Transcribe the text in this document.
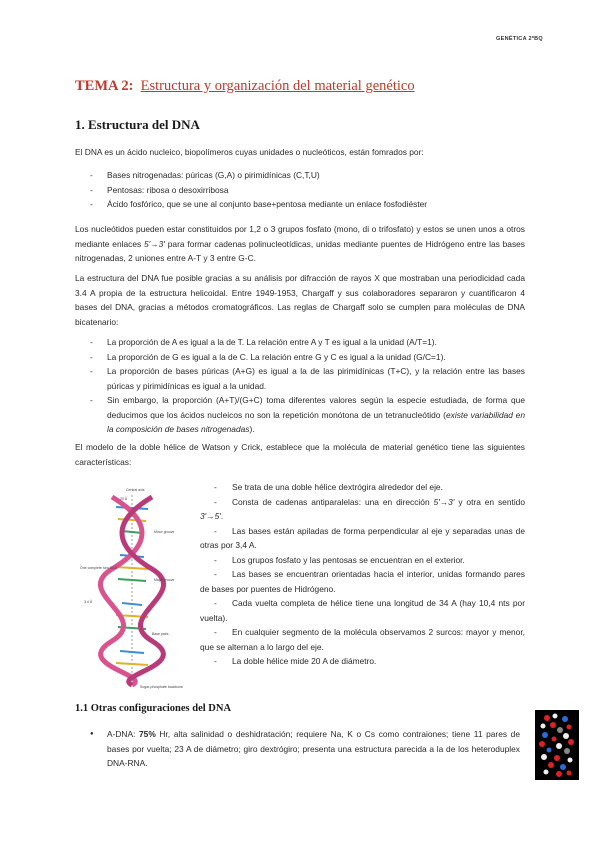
GENÉTICA 2ºBQ
TEMA 2: Estructura y organización del material genético
1. Estructura del DNA
El DNA es un ácido nucleico, biopolímeros cuyas unidades o nucleóticos, están fomrados por:
- Bases nitrogenadas: púricas (G,A) o pirimidínicas (C,T,U)
- Pentosas: ribosa o desoxirribosa
- Ácido fosfórico, que se une al conjunto base+pentosa mediante un enlace fosfodiéster
Los nucleótidos pueden estar constituidos por 1,2 o 3 grupos fosfato (mono, di o trifosfato) y estos se unen unos a otros mediante enlaces 5'→3' para formar cadenas polinucleotídicas, unidas mediante puentes de Hidrógeno entre las bases nitrogenadas, 2 uniones entre A-T y 3 entre G-C.
La estructura del DNA fue posible gracias a su análisis por difracción de rayos X que mostraban una periodicidad cada 3.4 A propia de la estructura helicoidal. Entre 1949-1953, Chargaff y sus colaboradores separaron y cuantificaron 4 bases del DNA, gracias a métodos cromatográficos. Las reglas de Chargaff solo se cumplen para moléculas de DNA bicatenario:
- La proporción de A es igual a la de T. La relación entre A y T es igual a la unidad (A/T=1).
- La proporción de G es igual a la de C. La relación entre G y C es igual a la unidad (G/C=1).
- La proporción de bases púricas (A+G) es igual a la de las pirimidínicas (T+C), y la relación entre las bases púricas y pirimidínicas es igual a la unidad.
- Sin embargo, la proporción (A+T)/(G+C) toma diferentes valores según la especie estudiada, de forma que deducimos que los ácidos nucleicos no son la repetición monótona de un tetranucleótido (existe variabilidad en la composición de bases nitrogenadas).
El modelo de la doble hélice de Watson y Crick, establece que la molécula de material genético tiene las siguientes características:
Central axis
Minor groove
Major groove
Base pairs
Sugar-phosphate backbone
One complete turn 34 Å
3.4 Å
20 Å
- Se trata de una doble hélice dextrógira alrededor del eje.
- Consta de cadenas antiparalelas: una en dirección 5'→3' y otra en sentido 3'→5'.
- Las bases están apiladas de forma perpendicular al eje y separadas unas de otras por 3,4 A.
- Los grupos fosfato y las pentosas se encuentran en el exterior.
- Las bases se encuentran orientadas hacia el interior, unidas formando pares de bases por puentes de Hidrógeno.
- Cada vuelta completa de hélice tiene una longitud de 34 A (hay 10,4 nts por vuelta).
- En cualquier segmento de la molécula observamos 2 surcos: mayor y menor, que se alternan a lo largo del eje.
- La doble hélice mide 20 A de diámetro.
1.1 Otras configuraciones del DNA
● A-DNA: 75% Hr, alta salinidad o deshidratación; requiere Na, K o Cs como contraiones; tiene 11 pares de bases por vuelta; 23 A de diámetro; giro dextrógiro; presenta una estructura parecida a la de los heteroduplex DNA-RNA.
